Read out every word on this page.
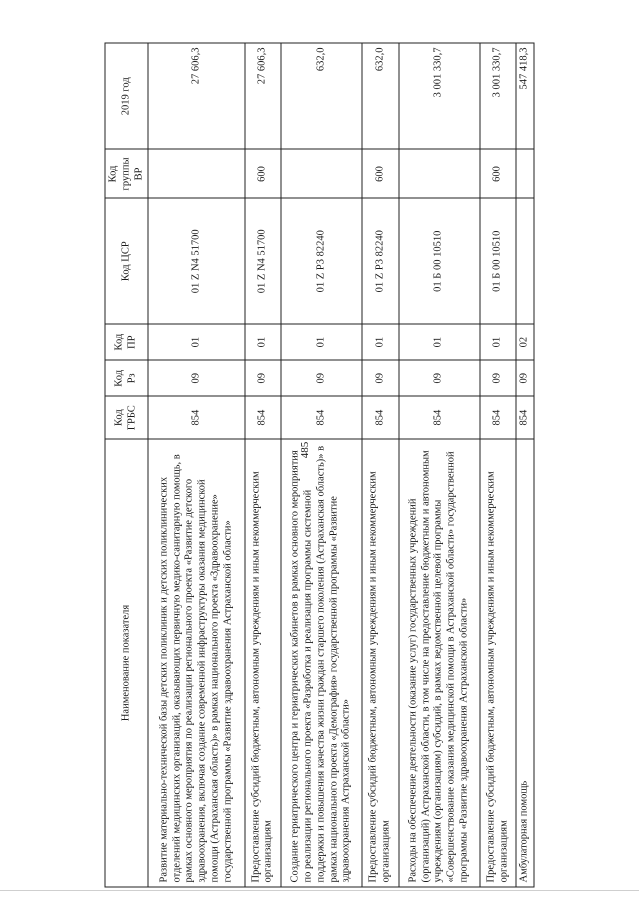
485
Наименование показателя	Код ГРБС	Код Рз	Код ПР	Код ЦСР	Код группы ВР	2019 год
Развитие материально-технической базы детских поликлиник и детских поликлинических отделений медицинских организаций, оказывающих первичную медико-санитарную помощь, в рамках основного мероприятия по реализации регионального проекта «Развитие детского здравоохранения, включая создание современной инфраструктуры оказания медицинской помощи (Астраханская область)» в рамках национального проекта «Здравоохранение» государственной программы «Развитие здравоохранения Астраханской области»	854	09	01	01 Z N4 51700		27 606,3
Предоставление субсидий бюджетным, автономным учреждениям и иным некоммерческим организациям	854	09	01	01 Z N4 51700	600	27 606,3
Создание гериатрического центра и гериатрических кабинетов в рамках основного мероприятия по реализации регионального проекта «Разработка и реализация программы системной поддержки и повышения качества жизни граждан старшего поколения (Астраханская область)» в рамках национального проекта «Демография» государственной программы «Развитие здравоохранения Астраханской области»	854	09	01	01 Z P3 82240		632,0
Предоставление субсидий бюджетным, автономным учреждениям и иным некоммерческим организациям	854	09	01	01 Z P3 82240	600	632,0
Расходы на обеспечение деятельности (оказание услуг) государственных учреждений (организаций) Астраханской области, в том числе на предоставление бюджетным и автономным учреждениям (организациям) субсидий, в рамках ведомственной целевой программы «Совершенствование оказания медицинской помощи в Астраханской области» государственной программы «Развитие здравоохранения Астраханской области»	854	09	01	01 Б 00 10510		3 001 330,7
Предоставление субсидий бюджетным, автономным учреждениям и иным некоммерческим организациям	854	09	01	01 Б 00 10510	600	3 001 330,7
Амбулаторная помощь	854	09	02			547 418,3
